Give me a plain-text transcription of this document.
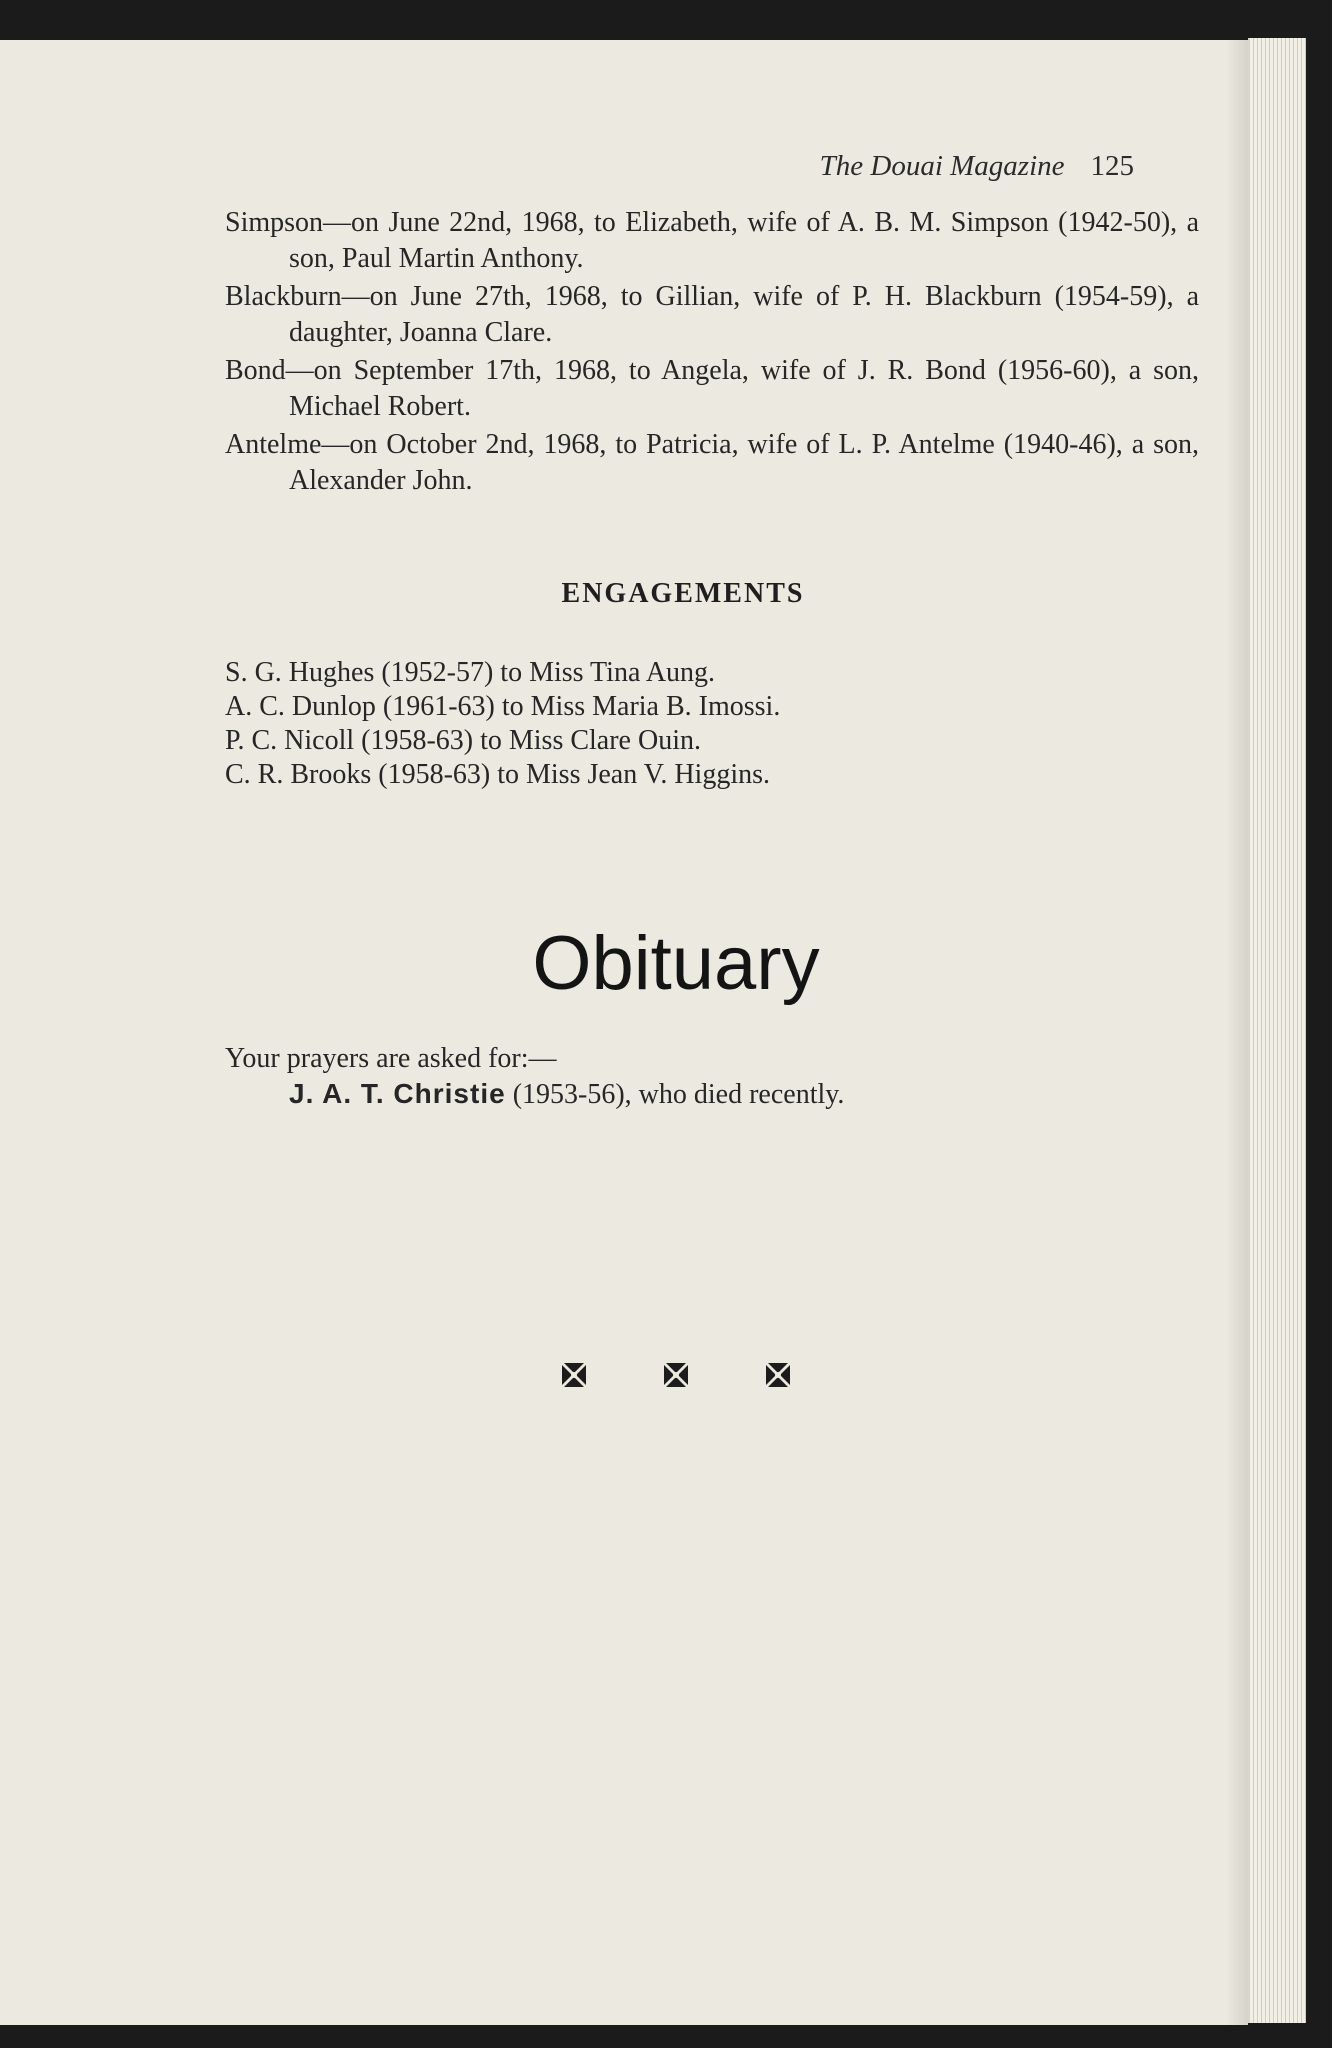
The Douai Magazine 125

Simpson—on June 22nd, 1968, to Elizabeth, wife of A. B. M. Simpson (1942-50), a son, Paul Martin Anthony.

Blackburn—on June 27th, 1968, to Gillian, wife of P. H. Blackburn (1954-59), a daughter, Joanna Clare.

Bond—on September 17th, 1968, to Angela, wife of J. R. Bond (1956-60), a son, Michael Robert.

Antelme—on October 2nd, 1968, to Patricia, wife of L. P. Antelme (1940-46), a son, Alexander John.

ENGAGEMENTS
S. G. Hughes (1952-57) to Miss Tina Aung.
A. C. Dunlop (1961-63) to Miss Maria B. Imossi.
P. C. Nicoll (1958-63) to Miss Clare Ouin.
C. R. Brooks (1958-63) to Miss Jean V. Higgins.
Obituary
Your prayers are asked for:—
J. A. T. Christie (1953-56), who died recently.
